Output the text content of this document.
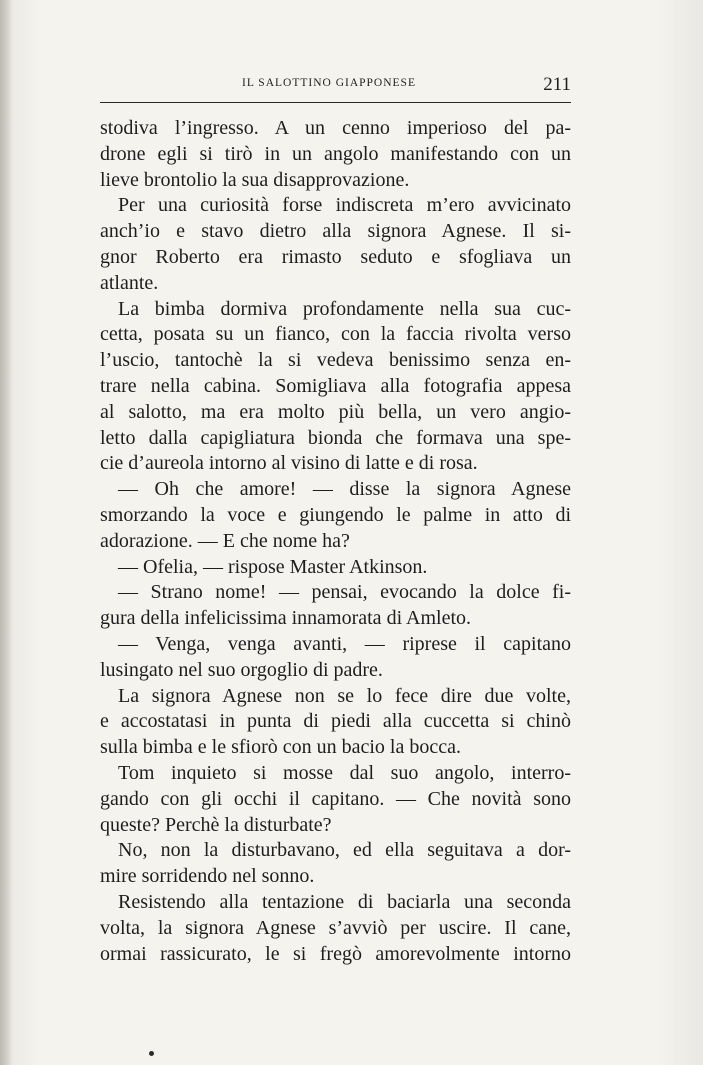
IL SALOTTINO GIAPPONESE	211
stodiva l’ingresso. A un cenno imperioso del pa-
drone egli si tirò in un angolo manifestando con un
lieve brontolio la sua disapprovazione.
Per una curiosità forse indiscreta m’ero avvicinato
anch’io e stavo dietro alla signora Agnese. Il si-
gnor Roberto era rimasto seduto e sfogliava un
atlante.
La bimba dormiva profondamente nella sua cuc-
cetta, posata su un fianco, con la faccia rivolta verso
l’uscio, tantochè la si vedeva benissimo senza en-
trare nella cabina. Somigliava alla fotografia appesa
al salotto, ma era molto più bella, un vero angio-
letto dalla capigliatura bionda che formava una spe-
cie d’aureola intorno al visino di latte e di rosa.
— Oh che amore! — disse la signora Agnese
smorzando la voce e giungendo le palme in atto di
adorazione. — E che nome ha?
— Ofelia, — rispose Master Atkinson.
— Strano nome! — pensai, evocando la dolce fi-
gura della infelicissima innamorata di Amleto.
— Venga, venga avanti, — riprese il capitano
lusingato nel suo orgoglio di padre.
La signora Agnese non se lo fece dire due volte,
e accostatasi in punta di piedi alla cuccetta si chinò
sulla bimba e le sfiorò con un bacio la bocca.
Tom inquieto si mosse dal suo angolo, interro-
gando con gli occhi il capitano. — Che novità sono
queste? Perchè la disturbate?
No, non la disturbavano, ed ella seguitava a dor-
mire sorridendo nel sonno.
Resistendo alla tentazione di baciarla una seconda
volta, la signora Agnese s’avviò per uscire. Il cane,
ormai rassicurato, le si fregò amorevolmente intorno
